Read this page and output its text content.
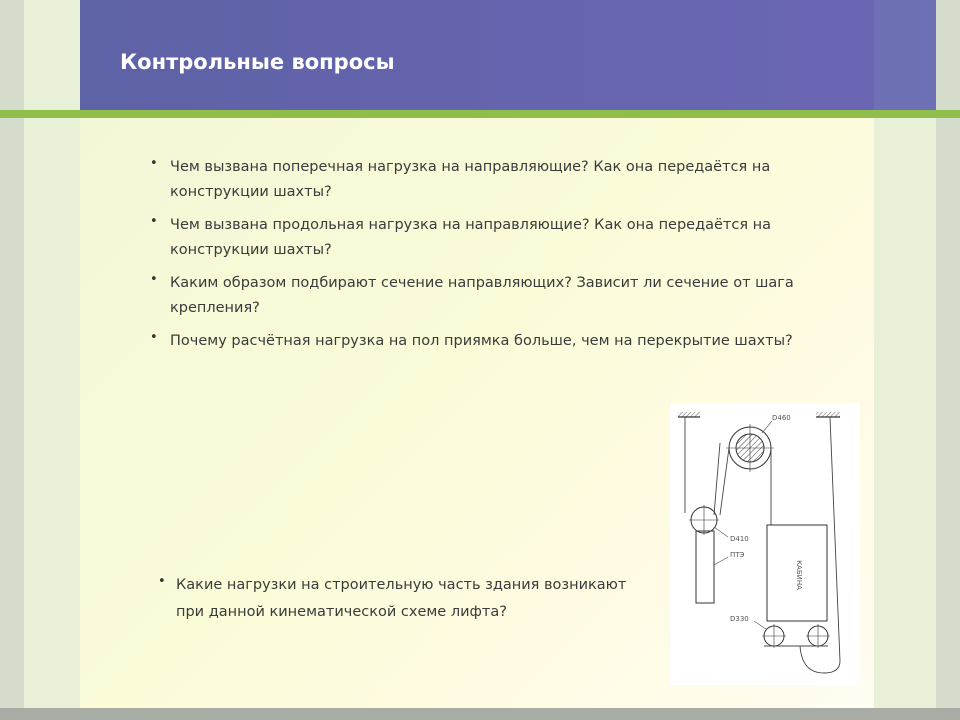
Контрольные вопросы
• Чем вызвана поперечная нагрузка на направляющие? Как она передаётся на конструкции шахты?
• Чем вызвана продольная нагрузка на направляющие? Как она передаётся на конструкции шахты?
• Каким образом подбирают сечение направляющих? Зависит ли сечение от шага крепления?
• Почему расчётная нагрузка на пол приямка больше, чем на перекрытие шахты?
• Какие нагрузки на строительную часть здания возникают при данной кинематической схеме лифта?
D460
D410
ПТЭ
КАБИНА
D330
